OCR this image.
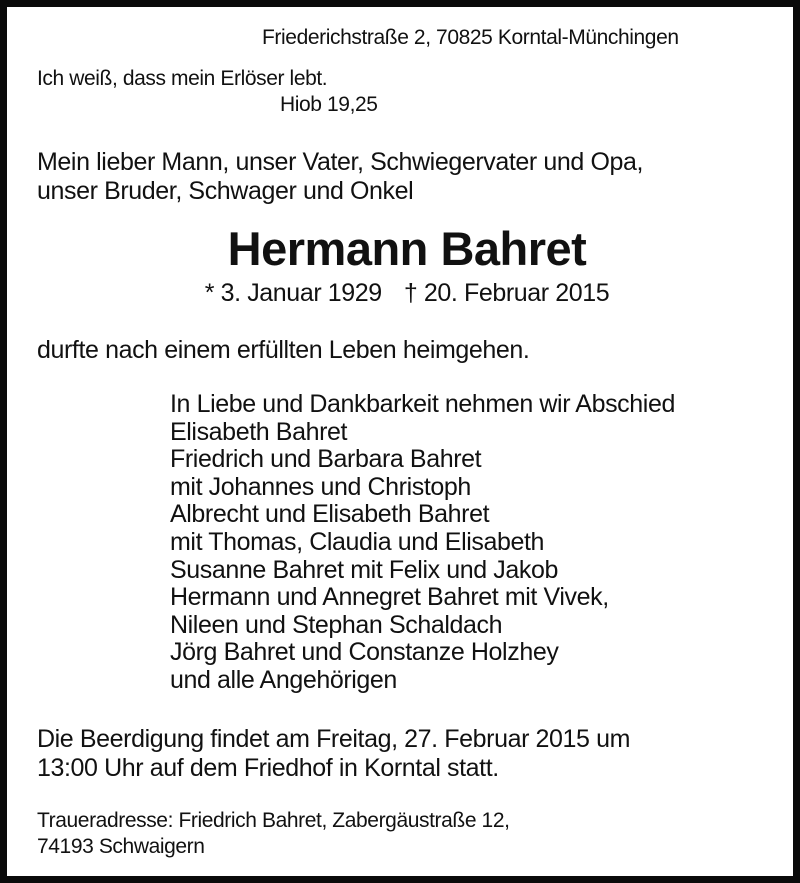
Friederichstraße 2, 70825 Korntal-Münchingen
Ich weiß, dass mein Erlöser lebt.
Hiob 19,25
Mein lieber Mann, unser Vater, Schwiegervater und Opa,
unser Bruder, Schwager und Onkel
Hermann Bahret
* 3. Januar 1929 † 20. Februar 2015
durfte nach einem erfüllten Leben heimgehen.
In Liebe und Dankbarkeit nehmen wir Abschied
Elisabeth Bahret
Friedrich und Barbara Bahret
mit Johannes und Christoph
Albrecht und Elisabeth Bahret
mit Thomas, Claudia und Elisabeth
Susanne Bahret mit Felix und Jakob
Hermann und Annegret Bahret mit Vivek,
Nileen und Stephan Schaldach
Jörg Bahret und Constanze Holzhey
und alle Angehörigen
Die Beerdigung findet am Freitag, 27. Februar 2015 um
13:00 Uhr auf dem Friedhof in Korntal statt.
Traueradresse: Friedrich Bahret, Zabergäustraße 12,
74193 Schwaigern
